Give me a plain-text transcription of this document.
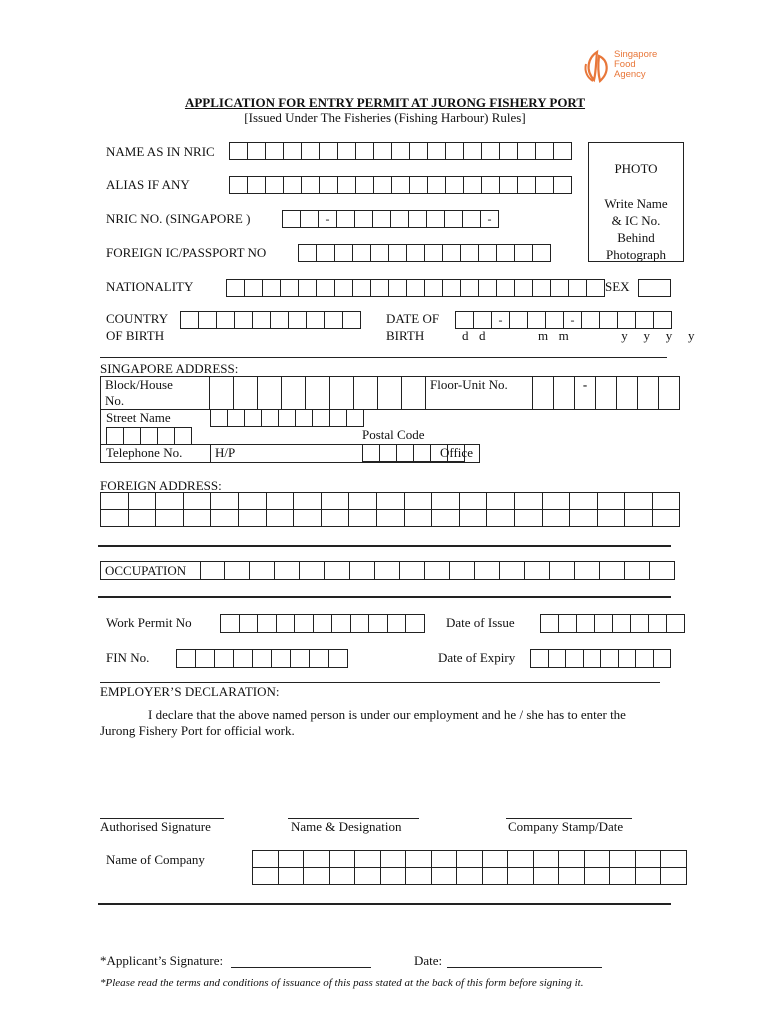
Singapore
Food
Agency
APPLICATION FOR ENTRY PERMIT AT JURONG FISHERY PORT
[Issued Under The Fisheries (Fishing Harbour) Rules]
PHOTO
Write Name
& IC No.
Behind
Photograph
NAME AS IN NRIC
ALIAS IF ANY
NRIC NO. (SINGAPORE )	-	-
FOREIGN IC/PASSPORT NO
NATIONALITY	SEX
COUNTRY
OF BIRTH
DATE OF
BIRTH
-	-
d  d          m  m          y   y   y   y
SINGAPORE ADDRESS:
Block/House
No.
										Floor-Unit No.			-				

Street Name
Postal Code
Telephone No.	H/P	Office
FOREIGN ADDRESS:
OCCUPATION
Work Permit No	Date of Issue
FIN No.	Date of Expiry
EMPLOYER’S DECLARATION:
I declare that the above named person is under our employment and he / she has to enter the
Jurong Fishery Port for official work.
Authorised Signature	Name & Designation	Company Stamp/Date
Name of Company
*Applicant’s Signature:	Date:
*Please read the terms and conditions of issuance of this pass stated at the back of this form before signing it.
